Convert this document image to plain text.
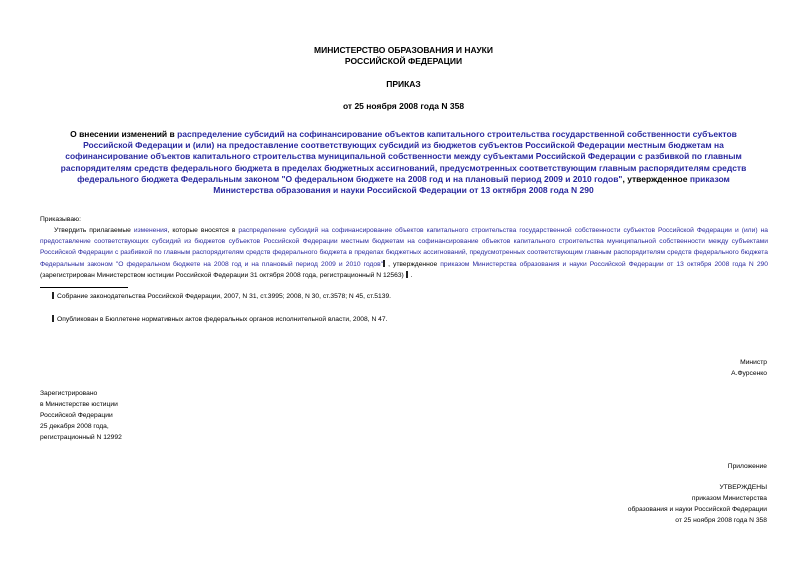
МИНИСТЕРСТВО ОБРАЗОВАНИЯ И НАУКИ
РОССИЙСКОЙ ФЕДЕРАЦИИ
ПРИКАЗ
от 25 ноября 2008 года N 358
О внесении изменений в распределение субсидий на софинансирование объектов капитального строительства государственной собственности субъектов Российской Федерации и (или) на предоставление соответствующих субсидий из бюджетов субъектов Российской Федерации местным бюджетам на софинансирование объектов капитального строительства муниципальной собственности между субъектами Российской Федерации с разбивкой по главным распорядителям средств федерального бюджета в пределах бюджетных ассигнований, предусмотренных соответствующим главным распорядителям средств федерального бюджета Федеральным законом "О федеральном бюджете на 2008 год и на плановый период 2009 и 2010 годов", утвержденное приказом Министерства образования и науки Российской Федерации от 13 октября 2008 года N 290
Приказываю:
Утвердить прилагаемые изменения, которые вносятся в распределение субсидий на софинансирование объектов капитального строительства государственной собственности субъектов Российской Федерации и (или) на предоставление соответствующих субсидий из бюджетов субъектов Российской Федерации местным бюджетам на софинансирование объектов капитального строительства муниципальной собственности между субъектами Российской Федерации с разбивкой по главным распорядителям средств федерального бюджета в пределах бюджетных ассигнований, предусмотренных соответствующим главным распорядителям средств федерального бюджета Федеральным законом "О федеральном бюджете на 2008 год и на плановый период 2009 и 2010 годов" , утвержденное приказом Министерства образования и науки Российской Федерации от 13 октября 2008 года N 290 (зарегистрирован Министерством юстиции Российской Федерации 31 октября 2008 года, регистрационный N 12563) .
Собрание законодательства Российской Федерации, 2007, N 31, ст.3995; 2008, N 30, ст.3578; N 45, ст.5139.
Опубликован в Бюллетене нормативных актов федеральных органов исполнительной власти, 2008, N 47.
Министр
А.Фурсенко
Зарегистрировано
в Министерстве юстиции
Российской Федерации
25 декабря 2008 года,
регистрационный N 12992
Приложение
УТВЕРЖДЕНЫ
приказом Министерства
образования и науки Российской Федерации
от 25 ноября 2008 года N 358
